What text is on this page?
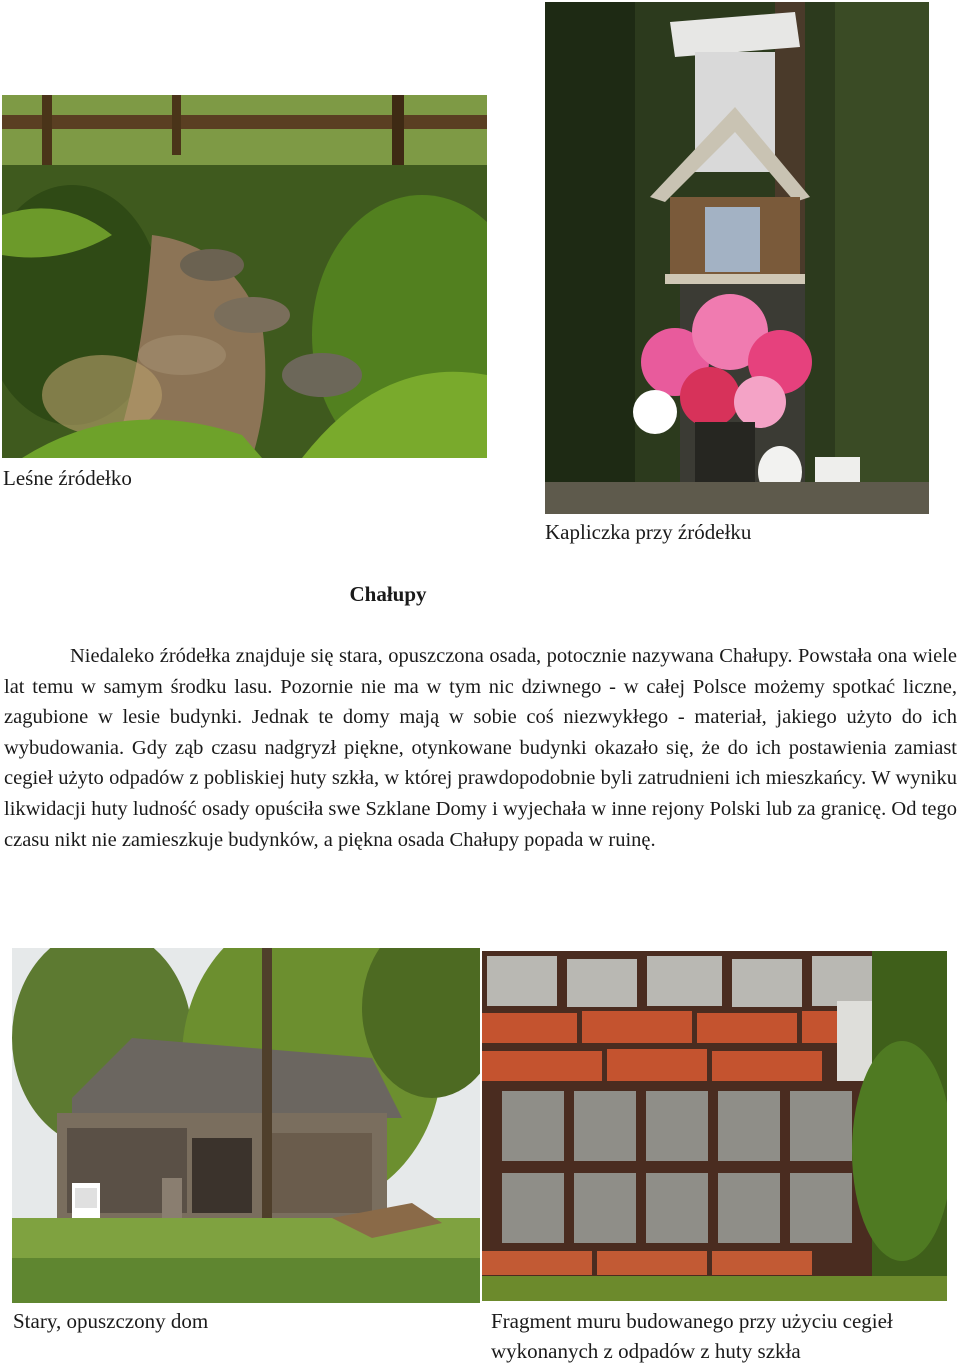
Leśne źródełko
Kapliczka przy źródełku
Chałupy

Niedaleko źródełka znajduje się stara, opuszczona osada, potocznie nazywana Chałupy. Powstała ona wiele lat temu w samym środku lasu. Pozornie nie ma w tym nic dziwnego - w całej Polsce możemy spotkać liczne, zagubione w lesie budynki. Jednak te domy mają w sobie coś niezwykłego - materiał, jakiego użyto do ich wybudowania. Gdy ząb czasu nadgryzł piękne, otynkowane budynki okazało się, że do ich postawienia zamiast cegieł użyto odpadów z pobliskiej huty szkła, w której prawdopodobnie byli zatrudnieni ich mieszkańcy. W wyniku likwidacji huty ludność osady opuściła swe Szklane Domy i wyjechała w inne rejony Polski lub za granicę. Od tego czasu nikt nie zamieszkuje budynków, a piękna osada Chałupy popada w ruinę.

Stary, opuszczony dom	Fragment muru budowanego przy użyciu cegieł
wykonanych z odpadów z huty szkła
